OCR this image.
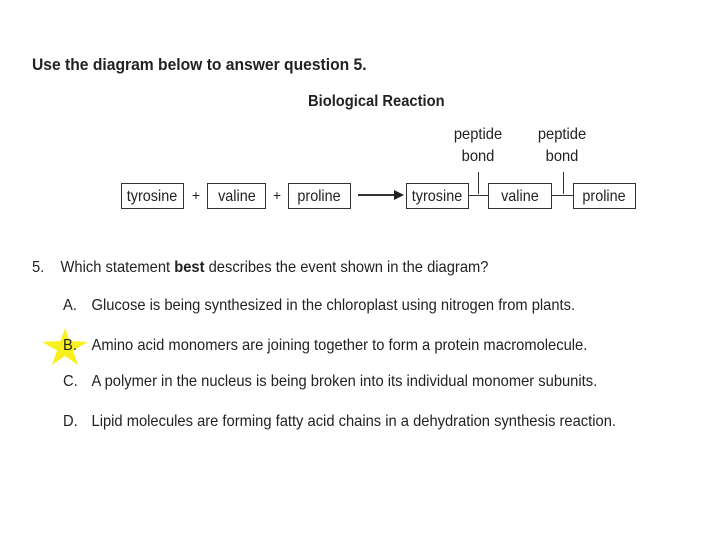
Use the diagram below to answer question 5.
Biological Reaction
peptide
bond
peptide
bond
tyrosine	+	valine	+	proline	tyrosine	valine	proline
5. Which statement best describes the event shown in the diagram?
A. Glucose is being synthesized in the chloroplast using nitrogen from plants.
B. Amino acid monomers are joining together to form a protein macromolecule.
C. A polymer in the nucleus is being broken into its individual monomer subunits.
D. Lipid molecules are forming fatty acid chains in a dehydration synthesis reaction.
